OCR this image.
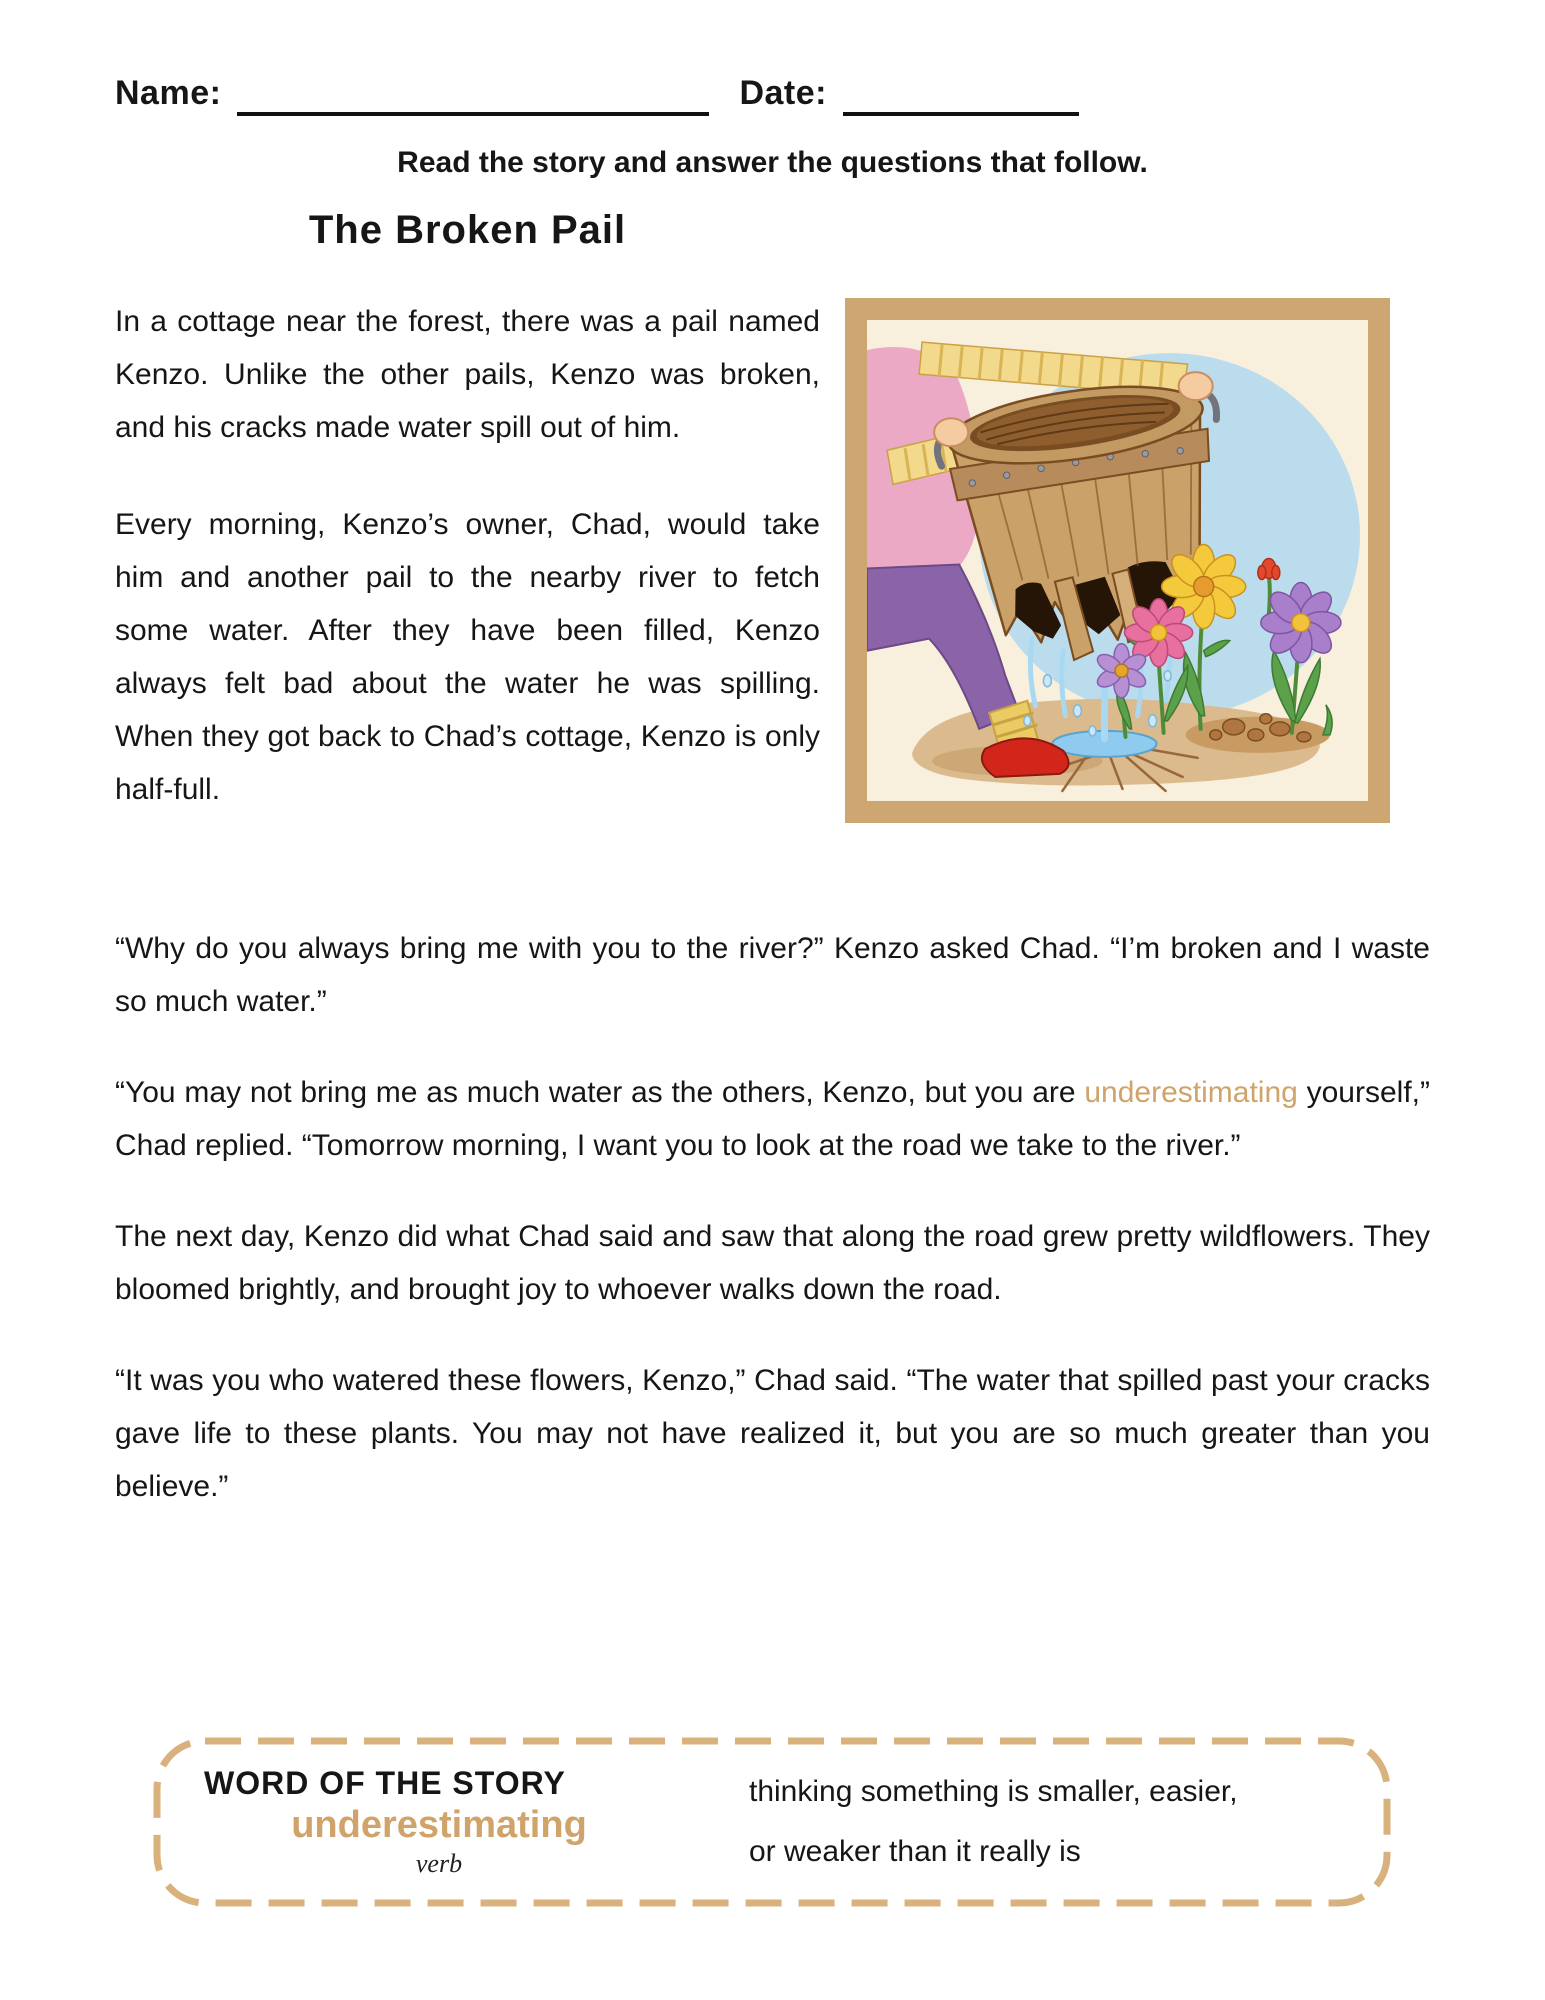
Name:	Date:
Read the story and answer the questions that follow.
The Broken Pail

In a cottage near the forest, there was a pail named Kenzo. Unlike the other pails, Kenzo was broken, and his cracks made water spill out of him.

Every morning, Kenzo’s owner, Chad, would take him and another pail to the nearby river to fetch some water. After they have been filled, Kenzo always felt bad about the water he was spilling. When they got back to Chad’s cottage, Kenzo is only half-full.

“Why do you always bring me with you to the river?” Kenzo asked Chad. “I’m broken and I waste so much water.”

“You may not bring me as much water as the others, Kenzo, but you are underestimating yourself,” Chad replied. “Tomorrow morning, I want you to look at the road we take to the river.”

The next day, Kenzo did what Chad said and saw that along the road grew pretty wildflowers. They bloomed brightly, and brought joy to whoever walks down the road.

“It was you who watered these flowers, Kenzo,” Chad said. “The water that spilled past your cracks gave life to these plants. You may not have realized it, but you are so much greater than you believe.”

WORD OF THE STORY
underestimating
verb
thinking something is smaller, easier,
or weaker than it really is
